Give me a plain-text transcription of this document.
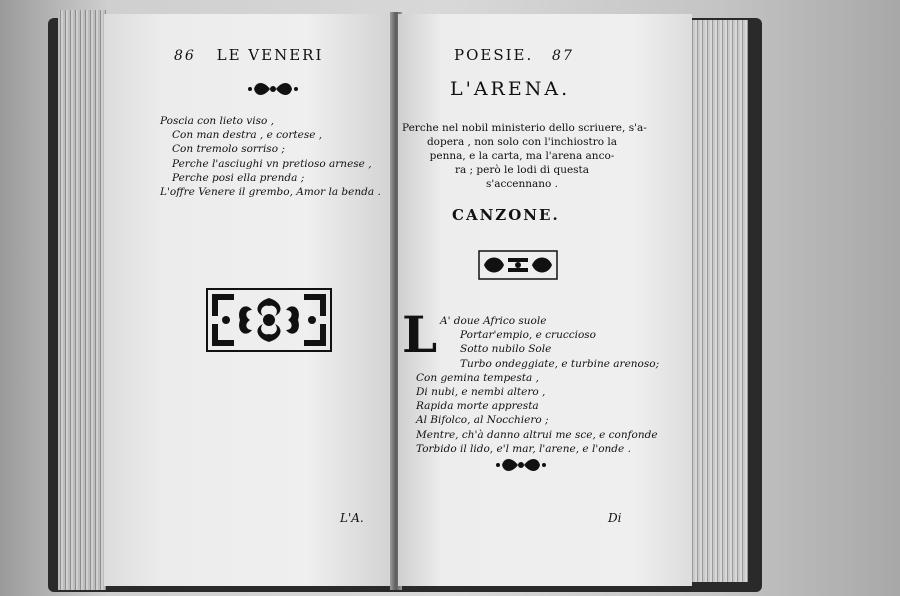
86 LE VENERI
Poscia con lieto viso ,
Con man destra , e cortese ,
Con tremolo sorriso ;
Perche l'asciughi vn pretioso arnese ,
Perche posi ella prenda ;
L'offre Venere il grembo, Amor la benda .
L'A.
POESIE. 87
L'ARENA.
Perche nel nobil ministerio dello scriuere, s'a-
dopera , non solo con l'inchiostro la
penna, e la carta, ma l'arena anco-
ra ; però le lodi di questa
s'accennano .
CANZONE.
L A' doue Africo suole
Portar'empio, e crucciosο
Sotto nubilo Sole
Turbo ondeggiate, e turbine arenoso;
Con gemina tempesta ,
Di nubi, e nembi altero ,
Rapida morte appresta
Al Bifolco, al Nocchiero ;
Mentre, ch'à danno altrui me sce, e confonde
Torbido il lido, e'l mar, l'arene, e l'onde .
Di
